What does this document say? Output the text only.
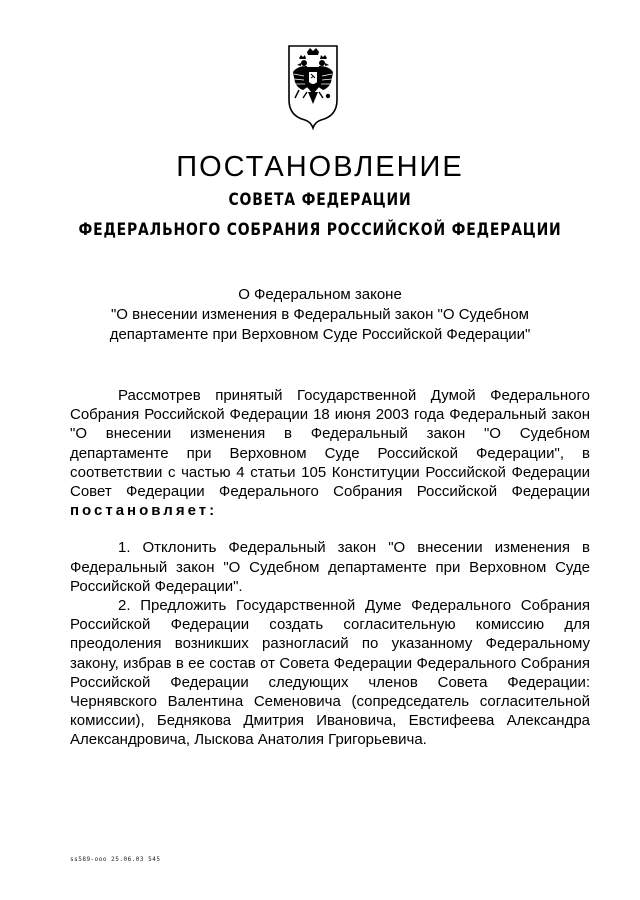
ПОСТАНОВЛЕНИЕ
СОВЕТА ФЕДЕРАЦИИ
ФЕДЕРАЛЬНОГО СОБРАНИЯ РОССИЙСКОЙ ФЕДЕРАЦИИ
О Федеральном законе
"О внесении изменения в Федеральный закон "О Судебном
департаменте при Верховном Суде Российской Федерации"

Рассмотрев принятый Государственной Думой Федерального Собрания Российской Федерации 18 июня 2003 года Федеральный закон "О внесении изменения в Федеральный закон "О Судебном департаменте при Верховном Суде Российской Федерации", в соответствии с частью 4 статьи 105 Конституции Российской Федерации Совет Федерации Федерального Собрания Российской Федерации постановляет:

1. Отклонить Федеральный закон "О внесении изменения в Федеральный закон "О Судебном департаменте при Верховном Суде Российской Федерации".

2. Предложить Государственной Думе Федерального Собрания Российской Федерации создать согласительную комиссию для преодоления возникших разногласий по указанному Федеральному закону, избрав в ее состав от Совета Федерации Федерального Собрания Российской Федерации следующих членов Совета Федерации: Чернявского Валентина Семеновича (сопредседатель согласительной комиссии), Беднякова Дмитрия Ивановича, Евстифеева Александра Александровича, Лыскова Анатолия Григорьевича.

ss589-ooo 25.06.03 545
